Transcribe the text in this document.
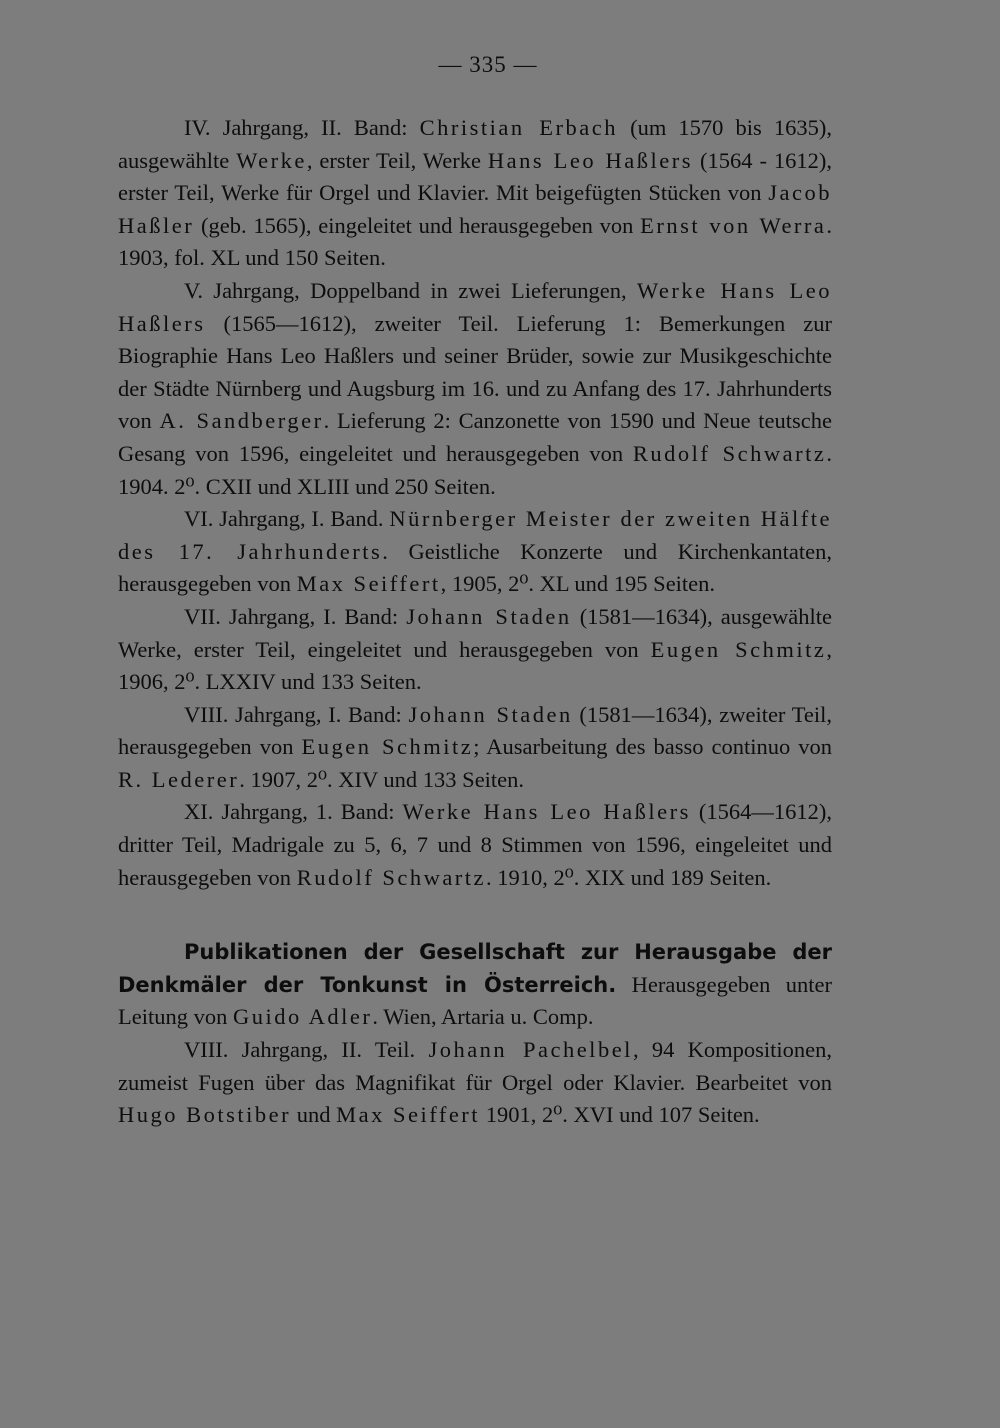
— 335 —

IV. Jahrgang, II. Band: Christian Erbach (um 1570 bis 1635), ausgewählte Werke, erster Teil, Werke Hans Leo Haßlers (1564 - 1612), erster Teil, Werke für Orgel und Klavier. Mit beigefügten Stücken von Jacob Haßler (geb. 1565), eingeleitet und herausgegeben von Ernst von Werra. 1903, fol. XL und 150 Seiten.

V. Jahrgang, Doppelband in zwei Lieferungen, Werke Hans Leo Haßlers (1565—1612), zweiter Teil. Lieferung 1: Bemerkungen zur Biographie Hans Leo Haßlers und seiner Brüder, sowie zur Musikgeschichte der Städte Nürnberg und Augsburg im 16. und zu Anfang des 17. Jahrhunderts von A. Sandberger. Lieferung 2: Canzonette von 1590 und Neue teutsche Gesang von 1596, eingeleitet und herausgegeben von Rudolf Schwartz. 1904. 2⁰. CXII und XLIII und 250 Seiten.

VI. Jahrgang, I. Band. Nürnberger Meister der zweiten Hälfte des 17. Jahrhunderts. Geistliche Konzerte und Kirchenkantaten, herausgegeben von Max Seiffert, 1905, 2⁰. XL und 195 Seiten.

VII. Jahrgang, I. Band: Johann Staden (1581—1634), ausgewählte Werke, erster Teil, eingeleitet und herausgegeben von Eugen Schmitz, 1906, 2⁰. LXXIV und 133 Seiten.

VIII. Jahrgang, I. Band: Johann Staden (1581—1634), zweiter Teil, herausgegeben von Eugen Schmitz; Ausarbeitung des basso continuo von R. Lederer. 1907, 2⁰. XIV und 133 Seiten.

XI. Jahrgang, 1. Band: Werke Hans Leo Haßlers (1564—1612), dritter Teil, Madrigale zu 5, 6, 7 und 8 Stimmen von 1596, eingeleitet und herausgegeben von Rudolf Schwartz. 1910, 2⁰. XIX und 189 Seiten.

Publikationen der Gesellschaft zur Herausgabe der Denkmäler der Tonkunst in Österreich. Herausgegeben unter Leitung von Guido Adler. Wien, Artaria u. Comp.

VIII. Jahrgang, II. Teil. Johann Pachelbel, 94 Kompositionen, zumeist Fugen über das Magnifikat für Orgel oder Klavier. Bearbeitet von Hugo Botstiber und Max Seiffert 1901, 2⁰. XVI und 107 Seiten.
